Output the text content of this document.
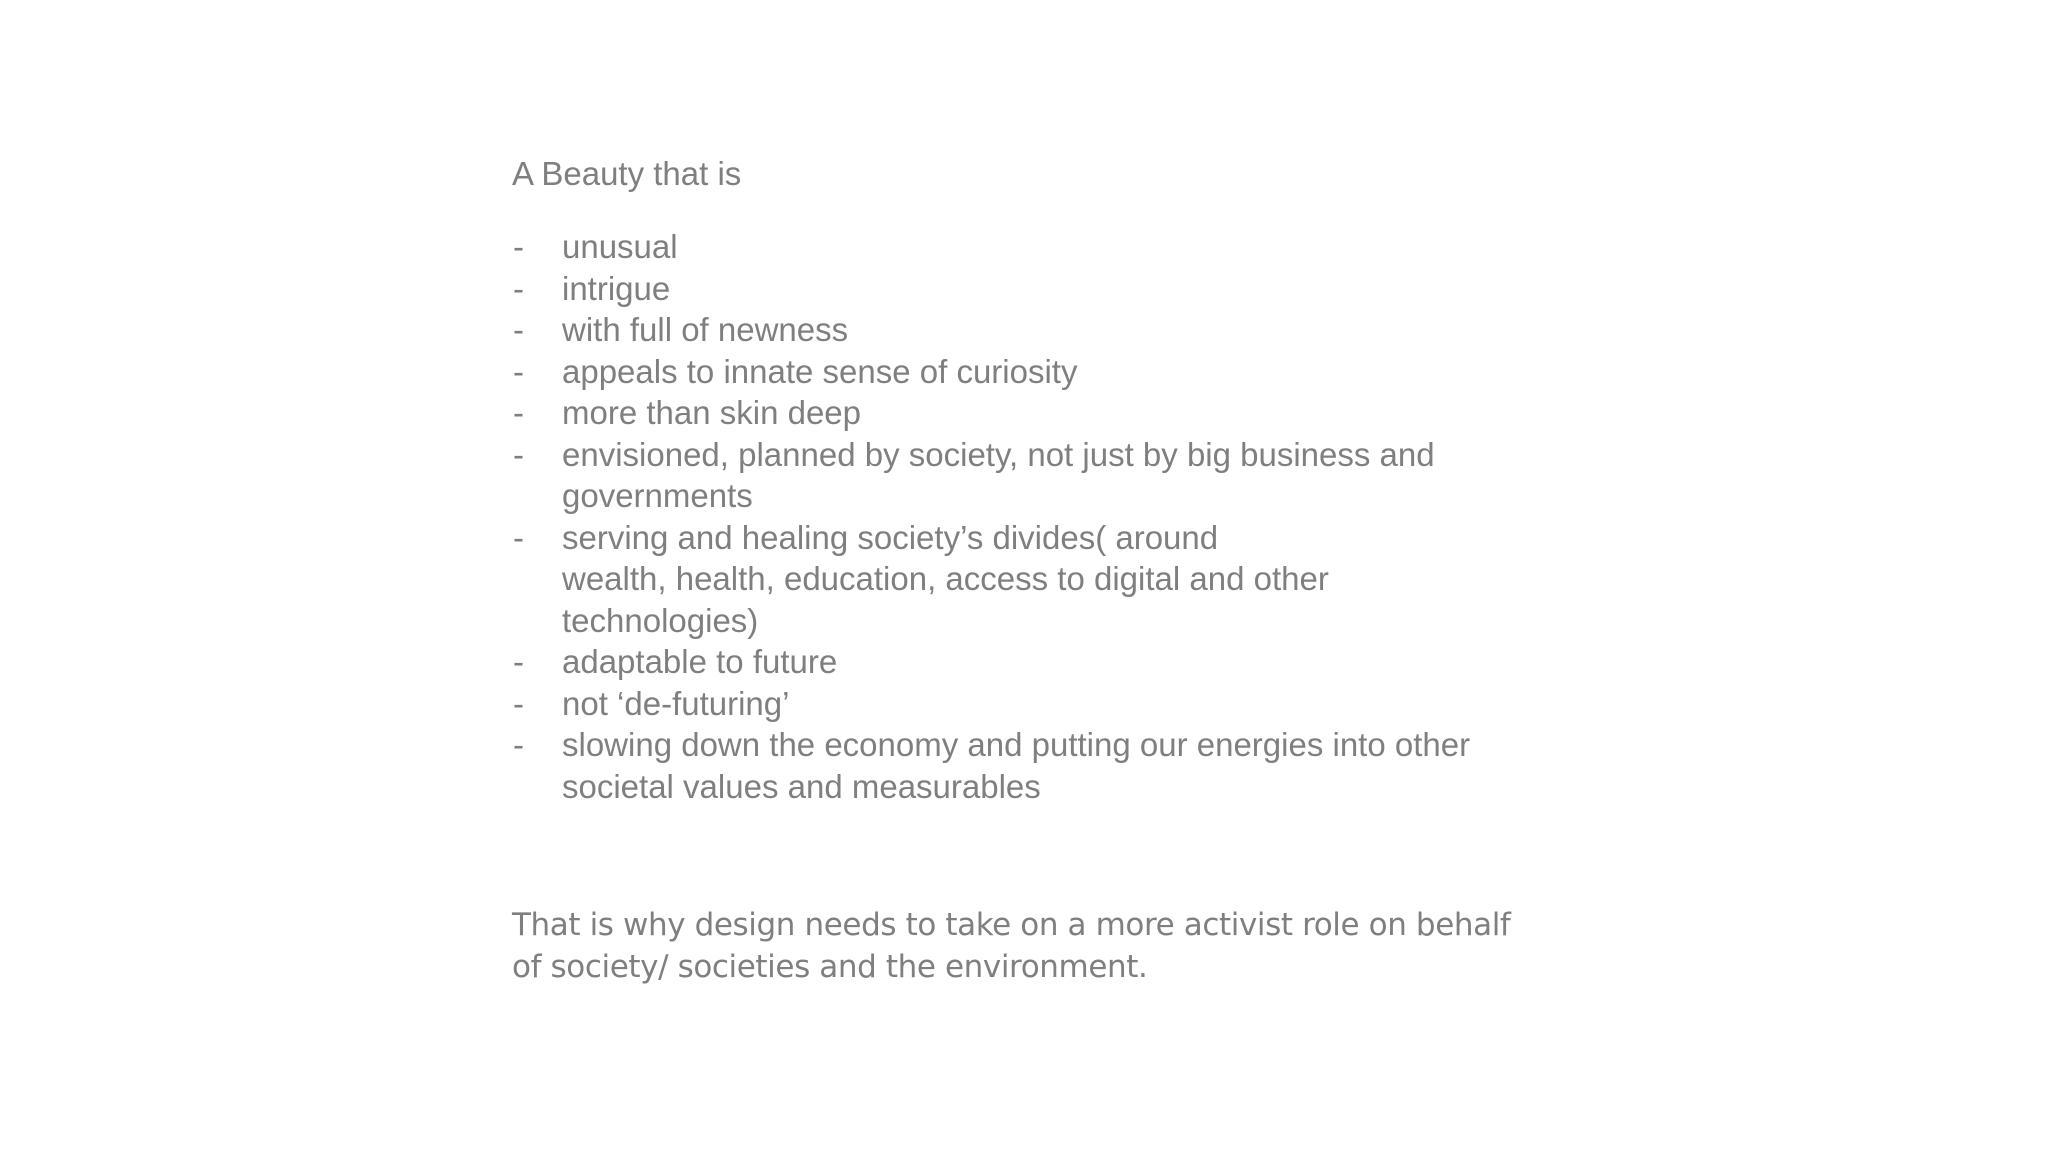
A Beauty that is
-	unusual
-	intrigue
-	with full of newness
-	appeals to innate sense of curiosity
-	more than skin deep
-	envisioned, planned by society, not just by big business and
governments
-	serving and healing society’s divides( around
wealth, health, education, access to digital and other
technologies)
-	adaptable to future
-	not ‘de-futuring’
-	slowing down the economy and putting our energies into other
societal values and measurables
That is why design needs to take on a more activist role on behalf
of society/ societies and the environment.
